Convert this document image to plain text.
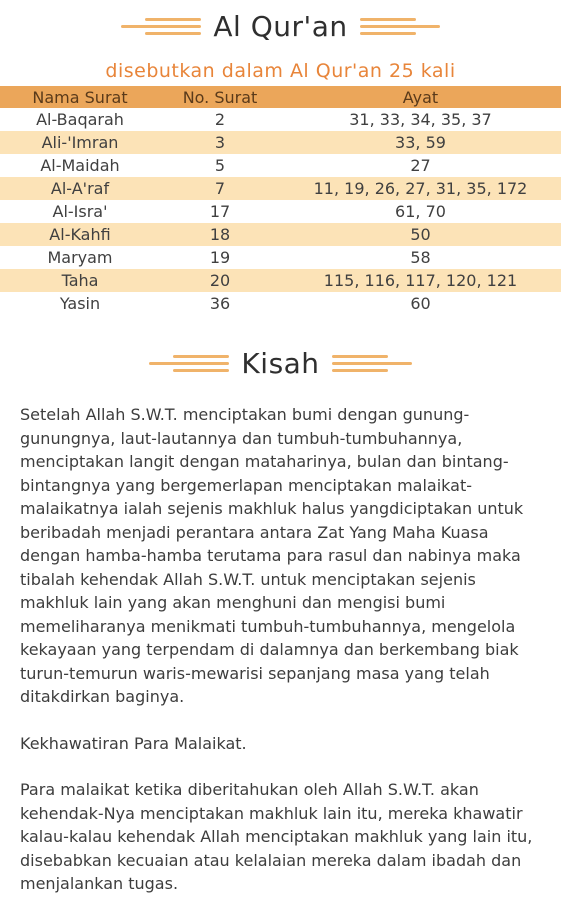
Al Qur'an
disebutkan dalam Al Qur'an 25 kali
Nama Surat	No. Surat	Ayat
Al-Baqarah	2	31, 33, 34, 35, 37
Ali-'Imran	3	33, 59
Al-Maidah	5	27
Al-A'raf	7	11, 19, 26, 27, 31, 35, 172
Al-Isra'	17	61, 70
Al-Kahfi	18	50
Maryam	19	58
Taha	20	115, 116, 117, 120, 121
Yasin	36	60
Kisah

Setelah Allah S.W.T. menciptakan bumi dengan gunung-gunungnya, laut-lautannya dan tumbuh-tumbuhannya, menciptakan langit dengan mataharinya, bulan dan bintang-bintangnya yang bergemerlapan menciptakan malaikat-malaikatnya ialah sejenis makhluk halus yangdiciptakan untuk beribadah menjadi perantara antara Zat Yang Maha Kuasa dengan hamba-hamba terutama para rasul dan nabinya maka tibalah kehendak Allah S.W.T. untuk menciptakan sejenis makhluk lain yang akan menghuni dan mengisi bumi memeliharanya menikmati tumbuh-tumbuhannya, mengelola kekayaan yang terpendam di dalamnya dan berkembang biak turun-temurun waris-mewarisi sepanjang masa yang telah ditakdirkan baginya.

Kekhawatiran Para Malaikat.

Para malaikat ketika diberitahukan oleh Allah S.W.T. akan kehendak-Nya menciptakan makhluk lain itu, mereka khawatir kalau-kalau kehendak Allah menciptakan makhluk yang lain itu, disebabkan kecuaian atau kelalaian mereka dalam ibadah dan menjalankan tugas.
